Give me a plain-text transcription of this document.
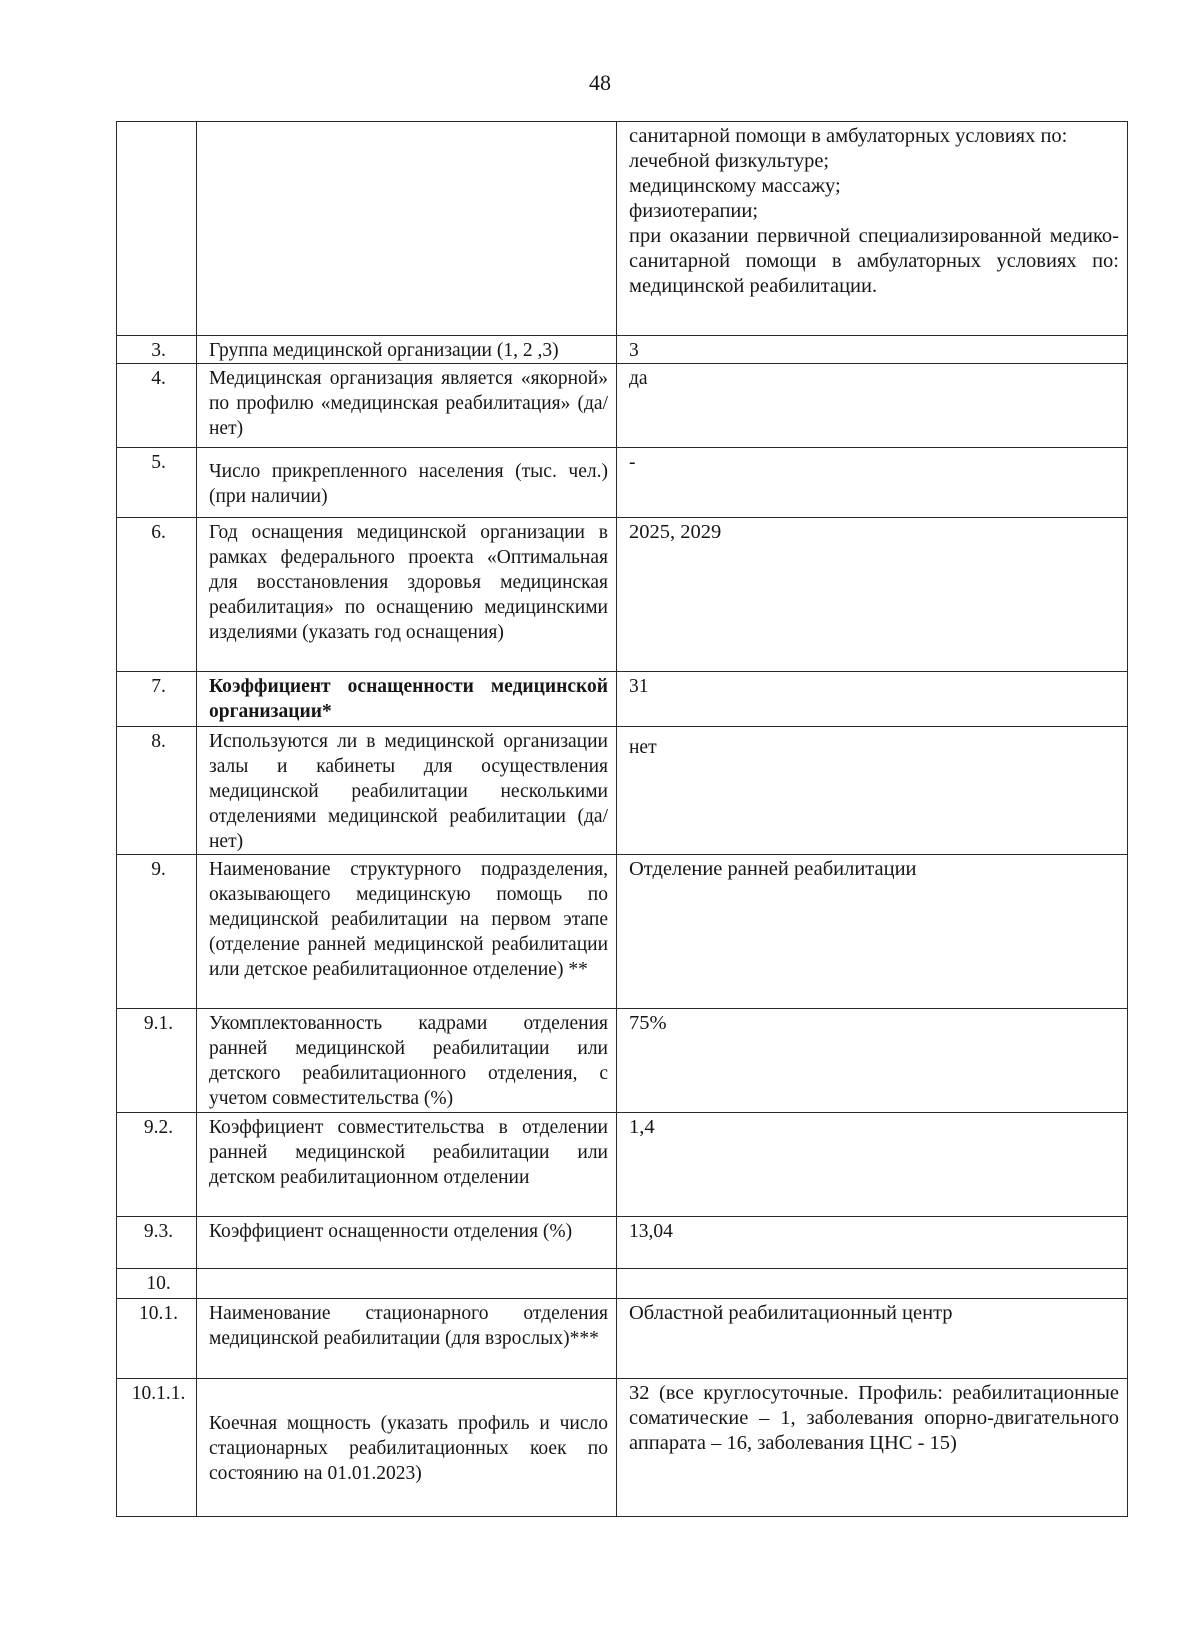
48

		санитарной помощи в амбулаторных условиях по:
лечебной физкультуре;
медицинскому массажу;
физиотерапии;
при оказании первичной специализированной медико-санитарной помощи в амбулаторных условиях по: медицинской реабилитации.

3.	Группа медицинской организации (1, 2 ,3)	3
4.	Медицинская организация является «якорной» по профилю «медицинская реабилитация» (да/нет)	да
5.	Число прикрепленного населения (тыс. чел.) (при наличии)	-
6.	Год оснащения медицинской организации в рамках федерального проекта «Оптимальная для восстановления здоровья медицинская реабилитация» по оснащению медицинскими изделиями (указать год оснащения)	2025, 2029
7.	Коэффициент оснащенности медицинской организации*	31
8.	Используются ли в медицинской организации залы и кабинеты для осуществления медицинской реабилитации несколькими отделениями медицинской реабилитации (да/нет)	нет
9.	Наименование структурного подразделения, оказывающего медицинскую помощь по медицинской реабилитации на первом этапе (отделение ранней медицинской реабилитации или детское реабилитационное отделение) **	Отделение ранней реабилитации
9.1.	Укомплектованность кадрами отделения ранней медицинской реабилитации или детского реабилитационного отделения, с учетом совместительства (%)	75%
9.2.	Коэффициент совместительства в отделении ранней медицинской реабилитации или детском реабилитационном отделении	1,4
9.3.	Коэффициент оснащенности отделения (%)	13,04
10.		
10.1.	Наименование стационарного отделения медицинской реабилитации (для взрослых)***	Областной реабилитационный центр
10.1.1.	Коечная мощность (указать профиль и число стационарных реабилитационных коек по состоянию на 01.01.2023)	32 (все круглосуточные. Профиль: реабилитационные соматические – 1, заболевания опорно-двигательного аппарата – 16, заболевания ЦНС - 15)
